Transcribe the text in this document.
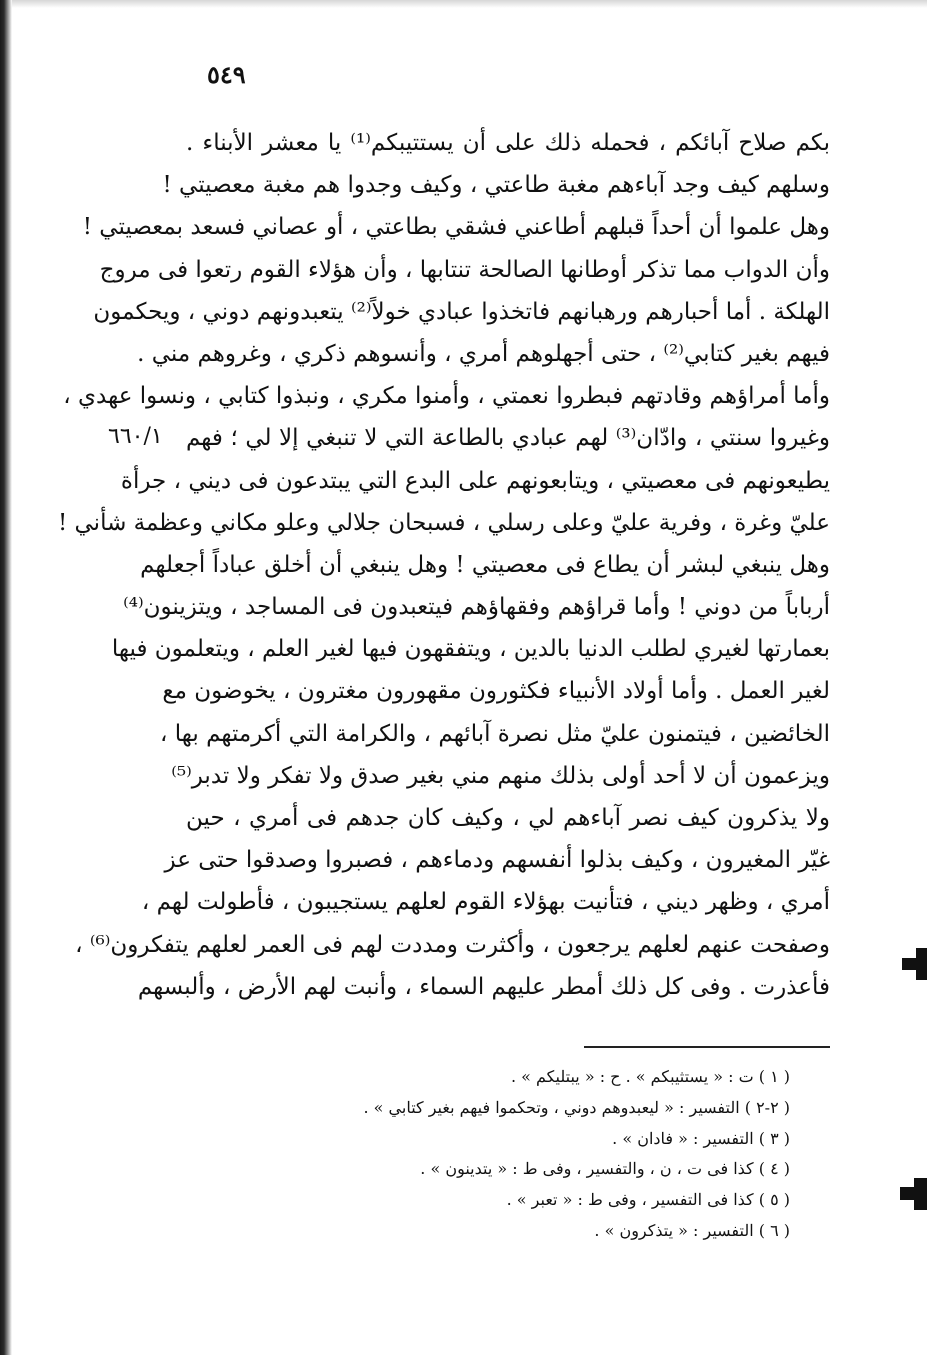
٥٤٩
٦٦٠/١
بكم صلاح آبائكم ، فحمله ذلك على أن يستتيبكم⁽¹⁾ يا معشر الأبناء .
وسلهم كيف وجد آباءهم مغبة طاعتي ، وكيف وجدوا هم مغبة معصيتي !
وهل علموا أن أحداً قبلهم أطاعني فشقي بطاعتي ، أو عصاني فسعد بمعصيتي !
وأن الدواب مما تذكر أوطانها الصالحة تنتابها ، وأن هؤلاء القوم رتعوا فى مروج
الهلكة . أما أحبارهم ورهبانهم فاتخذوا عبادي خولاً⁽²⁾ يتعبدونهم دوني ، ويحكمون
فيهم بغير كتابي⁽²⁾ ، حتى أجهلوهم أمري ، وأنسوهم ذكري ، وغروهم مني .
وأما أمراؤهم وقادتهم فبطروا نعمتي ، وأمنوا مكري ، ونبذوا كتابي ، ونسوا عهدي ،
وغيروا سنتي ، وادّان⁽³⁾ لهم عبادي بالطاعة التي لا تنبغي إلا لي ؛ فهم
يطيعونهم فى معصيتي ، ويتابعونهم على البدع التي يبتدعون فى ديني ، جرأة
عليّ وغرة ، وفرية عليّ وعلى رسلي ، فسبحان جلالي وعلو مكاني وعظمة شأني !
وهل ينبغي لبشر أن يطاع فى معصيتي ! وهل ينبغي أن أخلق عباداً أجعلهم
أرباباً من دوني ! وأما قراؤهم وفقهاؤهم فيتعبدون فى المساجد ، ويتزينون⁽⁴⁾
بعمارتها لغيري لطلب الدنيا بالدين ، ويتفقهون فيها لغير العلم ، ويتعلمون فيها
لغير العمل . وأما أولاد الأنبياء فكثورون مقهورون مغترون ، يخوضون مع
الخائضين ، فيتمنون عليّ مثل نصرة آبائهم ، والكرامة التي أكرمتهم بها ،
ويزعمون أن لا أحد أولى بذلك منهم مني بغير صدق ولا تفكر ولا تدبر⁽⁵⁾
ولا يذكرون كيف نصر آباءهم لي ، وكيف كان جدهم فى أمري ، حين
غيّر المغيرون ، وكيف بذلوا أنفسهم ودماءهم ، فصبروا وصدقوا حتى عز
أمري ، وظهر ديني ، فتأنيت بهؤلاء القوم لعلهم يستجيبون ، فأطولت لهم ،
وصفحت عنهم لعلهم يرجعون ، وأكثرت ومددت لهم فى العمر لعلهم يتفكرون⁽⁶⁾ ،
فأعذرت . وفى كل ذلك أمطر عليهم السماء ، وأنبت لهم الأرض ، وألبسهم
( ١ ) ت : « يستثيبكم » . ح : « يبتليكم » .
( ٢-٢ ) التفسير : « ليعبدوهم دوني ، وتحكموا فيهم بغير كتابي » .
( ٣ ) التفسير : « فادان » .
( ٤ ) كذا فى ت ، ن ، والتفسير ، وفى ط : « يتدينون » .
( ٥ ) كذا فى التفسير ، وفى ط : « تعبر » .
( ٦ ) التفسير : « يتذكرون » .
